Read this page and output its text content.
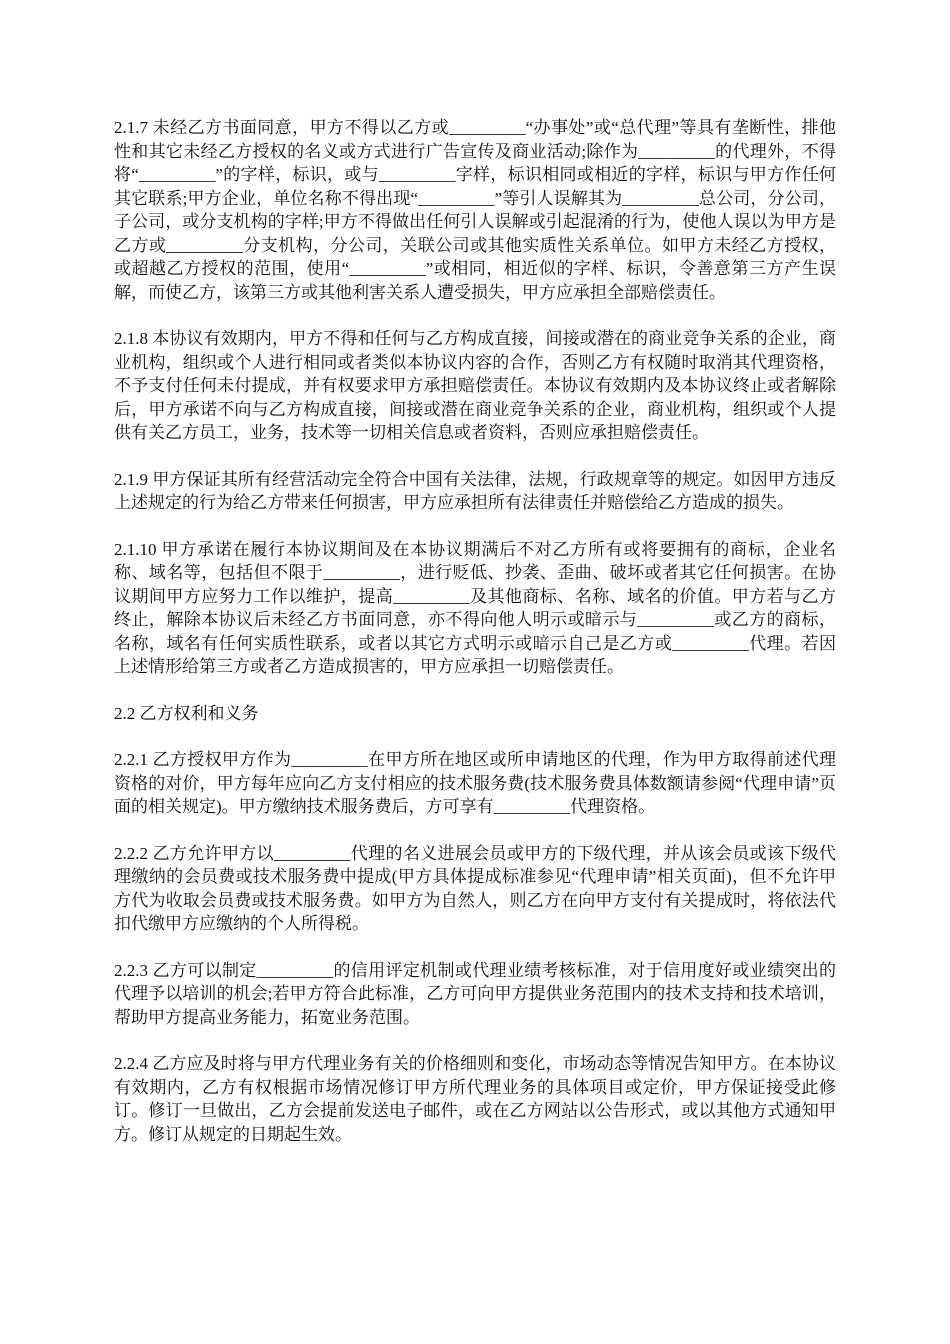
2.1.7 未经乙方书面同意，甲方不得以乙方或_________“办事处”或“总代理”等具有垄断性，排他性和其它未经乙方授权的名义或方式进行广告宣传及商业活动;除作为_________的代理外，不得将“_________”的字样，标识，或与_________字样，标识相同或相近的字样，标识与甲方作任何其它联系;甲方企业，单位名称不得出现“_________”等引人误解其为_________总公司，分公司，子公司，或分支机构的字样;甲方不得做出任何引人误解或引起混淆的行为，使他人误以为甲方是乙方或_________分支机构，分公司，关联公司或其他实质性关系单位。如甲方未经乙方授权，或超越乙方授权的范围，使用“_________”或相同，相近似的字样、标识，令善意第三方产生误解，而使乙方，该第三方或其他利害关系人遭受损失，甲方应承担全部赔偿责任。

2.1.8 本协议有效期内，甲方不得和任何与乙方构成直接，间接或潜在的商业竞争关系的企业，商业机构，组织或个人进行相同或者类似本协议内容的合作，否则乙方有权随时取消其代理资格，不予支付任何未付提成，并有权要求甲方承担赔偿责任。本协议有效期内及本协议终止或者解除后，甲方承诺不向与乙方构成直接，间接或潜在商业竞争关系的企业，商业机构，组织或个人提供有关乙方员工，业务，技术等一切相关信息或者资料，否则应承担赔偿责任。

2.1.9 甲方保证其所有经营活动完全符合中国有关法律，法规，行政规章等的规定。如因甲方违反上述规定的行为给乙方带来任何损害，甲方应承担所有法律责任并赔偿给乙方造成的损失。

2.1.10 甲方承诺在履行本协议期间及在本协议期满后不对乙方所有或将要拥有的商标，企业名称、域名等，包括但不限于_________，进行贬低、抄袭、歪曲、破坏或者其它任何损害。在协议期间甲方应努力工作以维护，提高_________及其他商标、名称、域名的价值。甲方若与乙方终止，解除本协议后未经乙方书面同意，亦不得向他人明示或暗示与_________或乙方的商标，名称，域名有任何实质性联系，或者以其它方式明示或暗示自己是乙方或_________代理。若因上述情形给第三方或者乙方造成损害的，甲方应承担一切赔偿责任。

2.2 乙方权利和义务

2.2.1 乙方授权甲方作为_________在甲方所在地区或所申请地区的代理，作为甲方取得前述代理资格的对价，甲方每年应向乙方支付相应的技术服务费(技术服务费具体数额请参阅“代理申请”页面的相关规定)。甲方缴纳技术服务费后，方可享有_________代理资格。

2.2.2 乙方允许甲方以_________代理的名义进展会员或甲方的下级代理，并从该会员或该下级代理缴纳的会员费或技术服务费中提成(甲方具体提成标准参见“代理申请”相关页面)，但不允许甲方代为收取会员费或技术服务费。如甲方为自然人，则乙方在向甲方支付有关提成时，将依法代扣代缴甲方应缴纳的个人所得税。

2.2.3 乙方可以制定_________的信用评定机制或代理业绩考核标准，对于信用度好或业绩突出的代理予以培训的机会;若甲方符合此标准，乙方可向甲方提供业务范围内的技术支持和技术培训，帮助甲方提高业务能力，拓宽业务范围。

2.2.4 乙方应及时将与甲方代理业务有关的价格细则和变化，市场动态等情况告知甲方。在本协议有效期内，乙方有权根据市场情况修订甲方所代理业务的具体项目或定价，甲方保证接受此修订。修订一旦做出，乙方会提前发送电子邮件，或在乙方网站以公告形式，或以其他方式通知甲方。修订从规定的日期起生效。
